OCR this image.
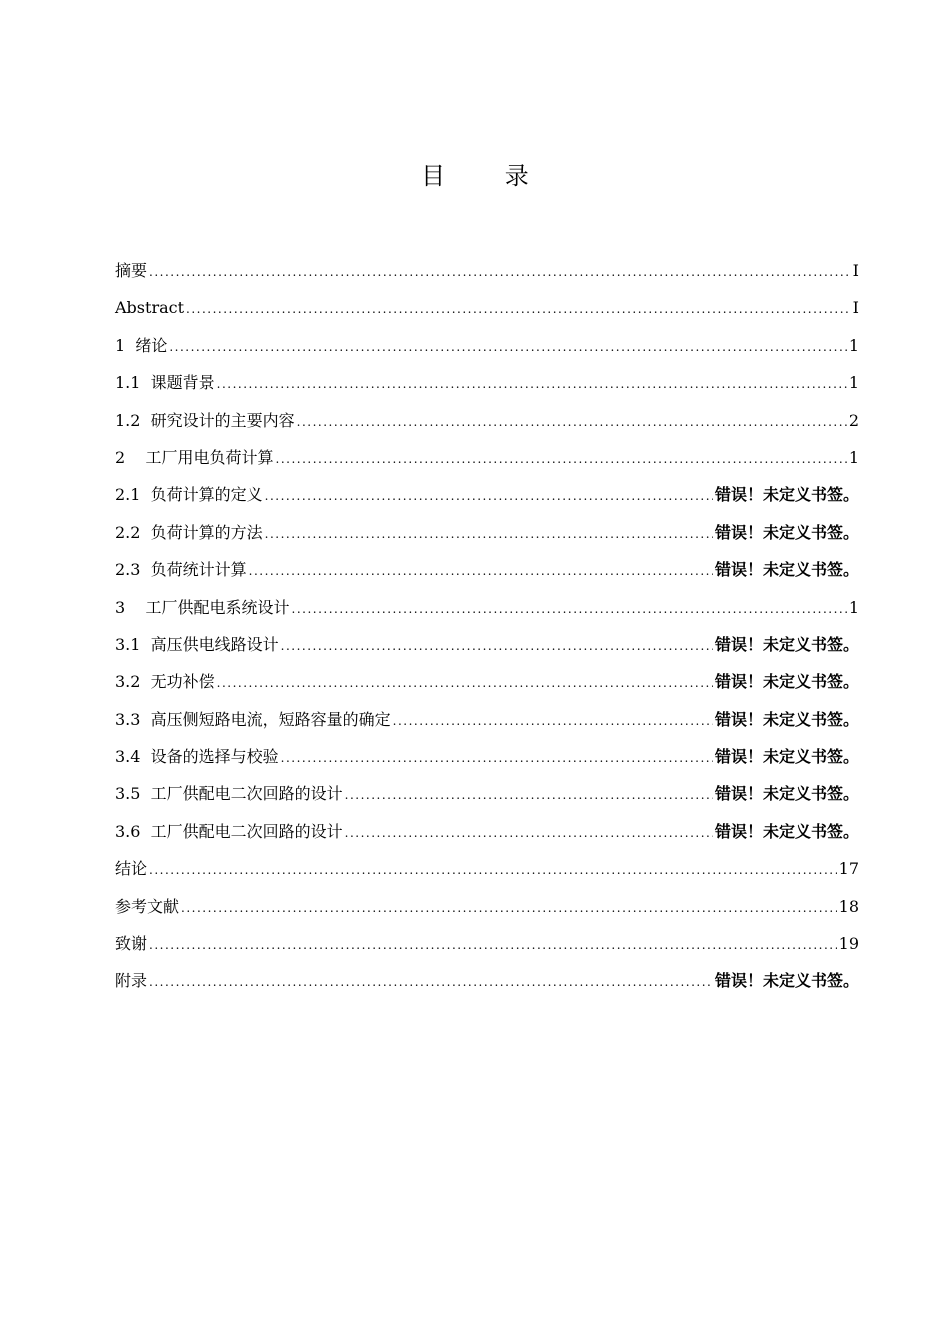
目 录
摘要 .....	I
Abstract .....	I
1  绪论 .....	1
1.1  课题背景 .....	1
1.2  研究设计的主要内容 .....	2
2    工厂用电负荷计算 .....	1
2.1  负荷计算的定义 .....	错误！未定义书签。
2.2  负荷计算的方法 .....	错误！未定义书签。
2.3  负荷统计计算 .....	错误！未定义书签。
3    工厂供配电系统设计 .....	1
3.1  高压供电线路设计 .....	错误！未定义书签。
3.2  无功补偿 .....	错误！未定义书签。
3.3  高压侧短路电流，短路容量的确定 .....	错误！未定义书签。
3.4  设备的选择与校验 .....	错误！未定义书签。
3.5  工厂供配电二次回路的设计 .....	错误！未定义书签。
3.6  工厂供配电二次回路的设计 .....	错误！未定义书签。
结论 .....	17
参考文献 .....	18
致谢 .....	19
附录 .....	错误！未定义书签。
